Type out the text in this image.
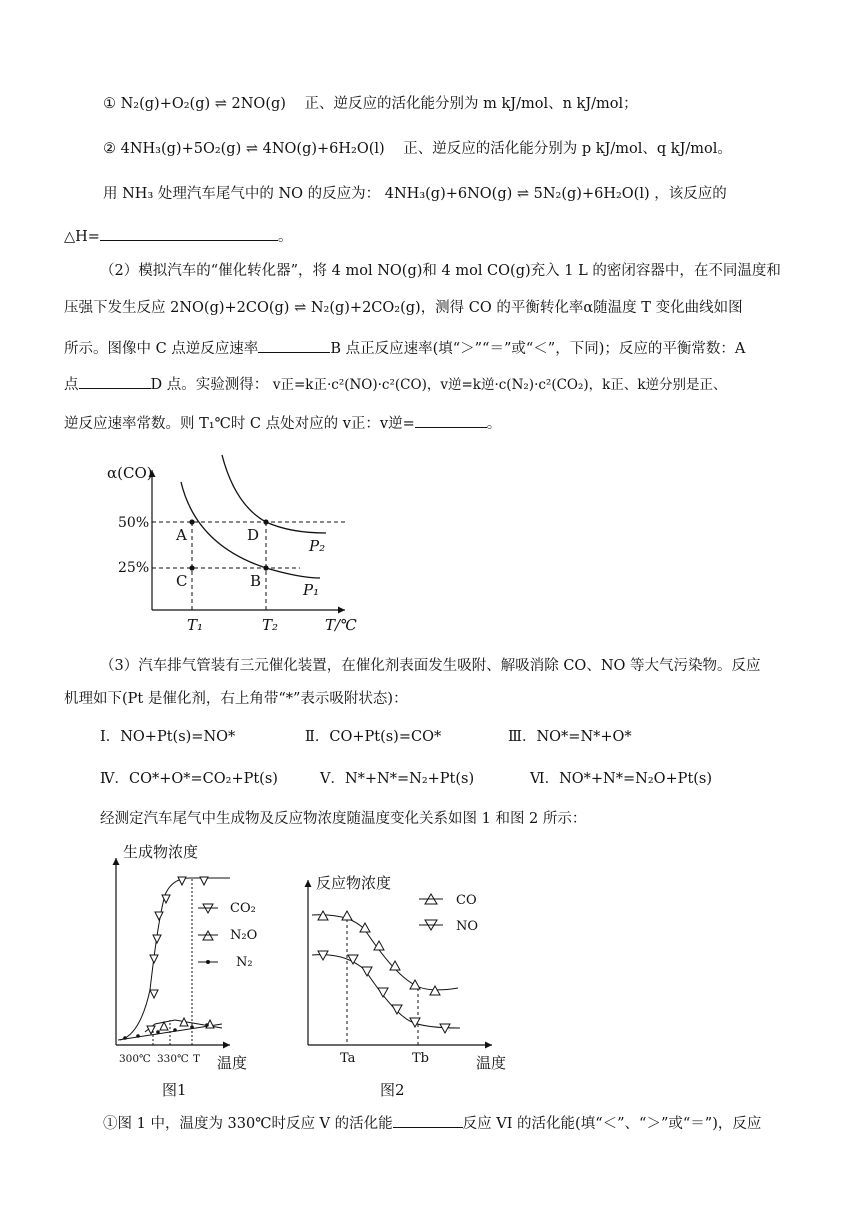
① N₂(g)+O₂(g) ⇌ 2NO(g) 正、逆反应的活化能分别为 m kJ/mol、n kJ/mol；
② 4NH₃(g)+5O₂(g) ⇌ 4NO(g)+6H₂O(l) 正、逆反应的活化能分别为 p kJ/mol、q kJ/mol。
用 NH₃ 处理汽车尾气中的 NO 的反应为： 4NH₃(g)+6NO(g) ⇌ 5N₂(g)+6H₂O(l) ，该反应的
△H=	。
（2）模拟汽车的“催化转化器”，将 4 mol NO(g)和 4 mol CO(g)充入 1 L 的密闭容器中，在不同温度和
压强下发生反应 2NO(g)+2CO(g) ⇌ N₂(g)+2CO₂(g)，测得 CO 的平衡转化率α随温度 T 变化曲线如图
所示。图像中 C 点逆反应速率	B 点正反应速率(填“＞”“＝”或“＜”，下同)；反应的平衡常数：A
点	D 点。实验测得： v正=k正·c²(NO)·c²(CO)，v逆=k逆·c(N₂)·c²(CO₂)，k正、k逆分别是正、
逆反应速率常数。则 T₁℃时 C 点处对应的 v正：v逆=	。
α(CO)
50%
25%
T₁	T₂	T/℃
A	D
C	B
P₂
P₁
（3）汽车排气管装有三元催化装置，在催化剂表面发生吸附、解吸消除 CO、NO 等大气污染物。反应
机理如下(Pt 是催化剂，右上角带“*”表示吸附状态)：
Ⅰ．NO+Pt(s)=NO*	Ⅱ．CO+Pt(s)=CO*	Ⅲ．NO*=N*+O*
Ⅳ．CO*+O*=CO₂+Pt(s)	Ⅴ．N*+N*=N₂+Pt(s)	Ⅵ．NO*+N*=N₂O+Pt(s)
经测定汽车尾气中生成物及反应物浓度随温度变化关系如图 1 和图 2 所示：
生成物浓度
CO₂
N₂O
N₂
300℃ 330℃ T 温度
图1
反应物浓度
CO
NO
Ta	Tb	温度
图2
①图 1 中，温度为 330℃时反应 V 的活化能	反应 VI 的活化能(填“＜”、“＞”或“＝”)，反应
